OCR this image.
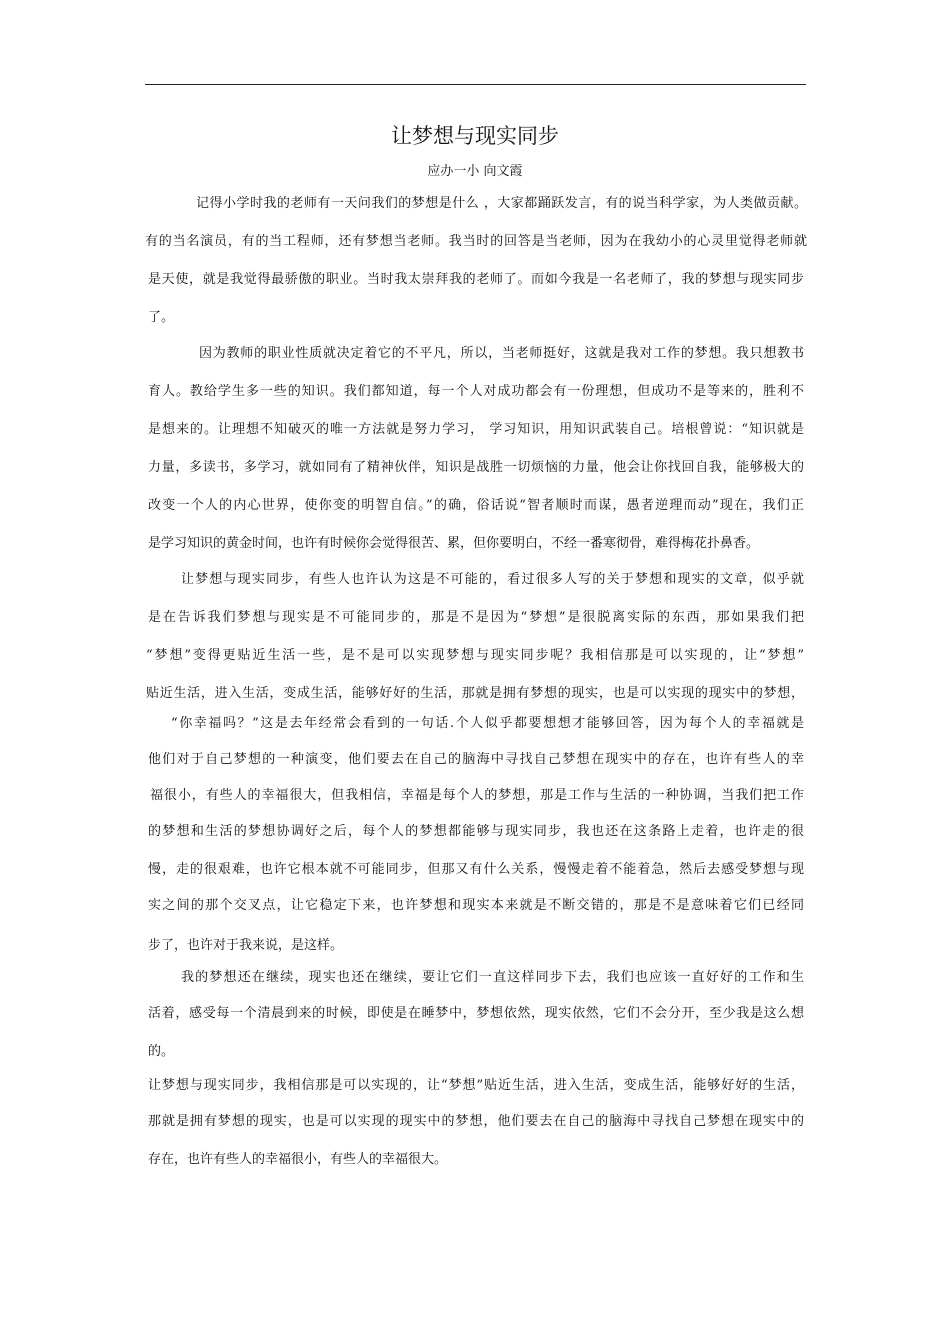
让梦想与现实同步
应办一小 向文霞
记得小学时我的老师有一天问我们的梦想是什么 ，大家都踊跃发言，有的说当科学家，为人类做贡献。
有的当名演员，有的当工程师，还有梦想当老师。我当时的回答是当老师，因为在我幼小的心灵里觉得老师就
是天使，就是我觉得最骄傲的职业。当时我太崇拜我的老师了。而如今我是一名老师了，我的梦想与现实同步
了。
因为教师的职业性质就决定着它的不平凡，所以，当老师挺好，这就是我对工作的梦想。我只想教书
育人。教给学生多一些的知识。我们都知道，每一个人对成功都会有一份理想，但成功不是等来的，胜利不
是想来的。让理想不知破灭的唯一方法就是努力学习， 学习知识，用知识武装自己。培根曾说：“知识就是
力量，多读书，多学习，就如同有了精神伙伴，知识是战胜一切烦恼的力量，他会让你找回自我，能够极大的
改变一个人的内心世界，使你变的明智自信。”的确，俗话说“智者顺时而谋，愚者逆理而动”现在，我们正
是学习知识的黄金时间，也许有时候你会觉得很苦、累，但你要明白，不经一番寒彻骨，难得梅花扑鼻香。
让梦想与现实同步，有些人也许认为这是不可能的，看过很多人写的关于梦想和现实的文章，似乎就
是在告诉我们梦想与现实是不可能同步的，那是不是因为“梦想”是很脱离实际的东西，那如果我们把
“梦想”变得更贴近生活一些，是不是可以实现梦想与现实同步呢？我相信那是可以实现的，让“梦想”
贴近生活，进入生活，变成生活，能够好好的生活，那就是拥有梦想的现实，也是可以实现的现实中的梦想，
“你幸福吗？”这是去年经常会看到的一句话.个人似乎都要想想才能够回答，因为每个人的幸福就是
他们对于自己梦想的一种演变，他们要去在自己的脑海中寻找自己梦想在现实中的存在，也许有些人的幸
福很小，有些人的幸福很大，但我相信，幸福是每个人的梦想，那是工作与生活的一种协调，当我们把工作
的梦想和生活的梦想协调好之后，每个人的梦想都能够与现实同步，我也还在这条路上走着，也许走的很
慢，走的很艰难，也许它根本就不可能同步，但那又有什么关系，慢慢走着不能着急，然后去感受梦想与现
实之间的那个交叉点，让它稳定下来，也许梦想和现实本来就是不断交错的，那是不是意味着它们已经同
步了，也许对于我来说，是这样。
我的梦想还在继续，现实也还在继续，要让它们一直这样同步下去，我们也应该一直好好的工作和生
活着，感受每一个清晨到来的时候，即使是在睡梦中，梦想依然，现实依然，它们不会分开，至少我是这么想
的。
让梦想与现实同步，我相信那是可以实现的，让“梦想”贴近生活，进入生活，变成生活，能够好好的生活，
那就是拥有梦想的现实，也是可以实现的现实中的梦想，他们要去在自己的脑海中寻找自己梦想在现实中的
存在，也许有些人的幸福很小，有些人的幸福很大。
